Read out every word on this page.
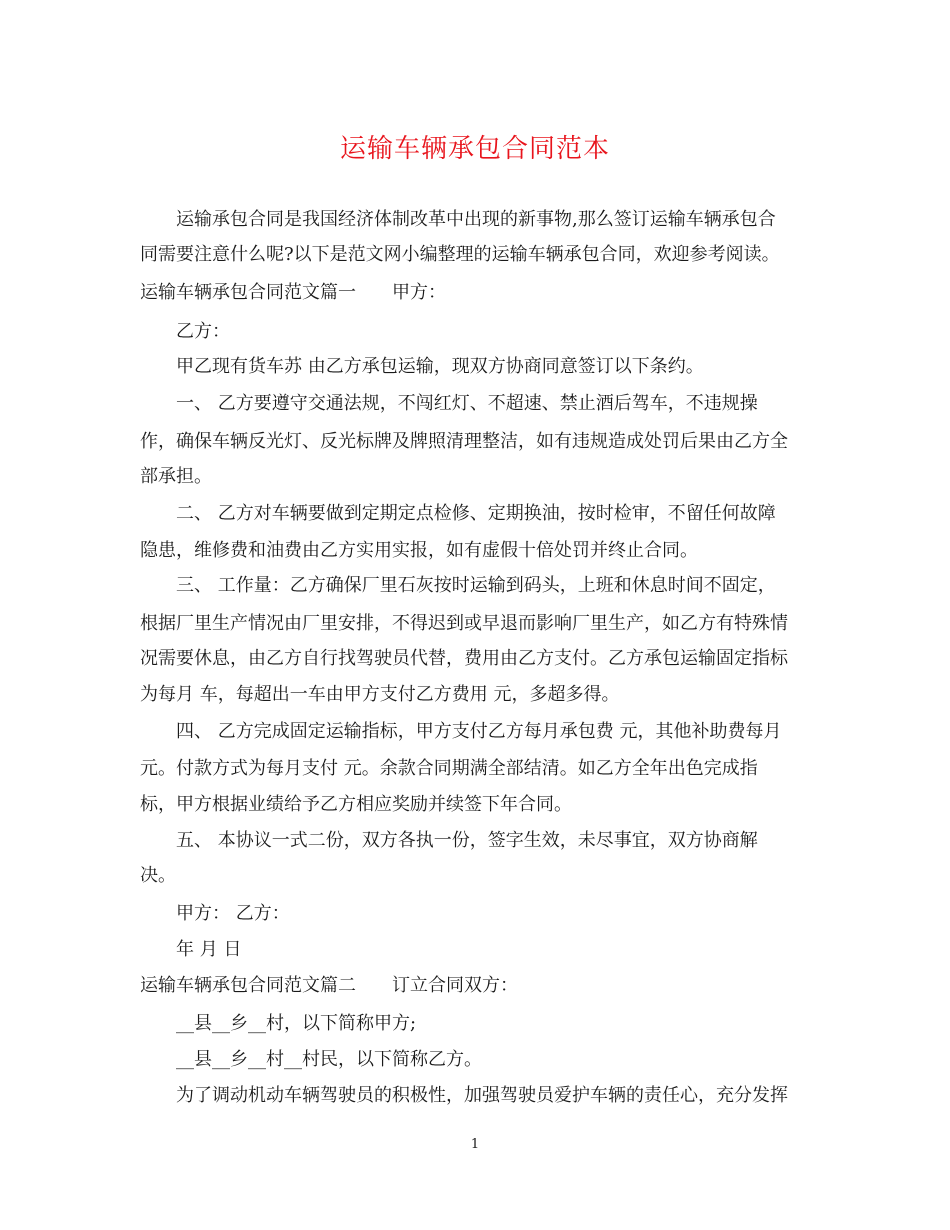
运输车辆承包合同范本
运输承包合同是我国经济体制改革中出现的新事物,那么签订运输车辆承包合
同需要注意什么呢?以下是范文网小编整理的运输车辆承包合同，欢迎参考阅读。
运输车辆承包合同范文篇一 甲方：
乙方：
甲乙现有货车苏 由乙方承包运输，现双方协商同意签订以下条约。
一、 乙方要遵守交通法规，不闯红灯、不超速、禁止酒后驾车，不违规操
作，确保车辆反光灯、反光标牌及牌照清理整洁，如有违规造成处罚后果由乙方全
部承担。
二、 乙方对车辆要做到定期定点检修、定期换油，按时检审，不留任何故障
隐患，维修费和油费由乙方实用实报，如有虚假十倍处罚并终止合同。
三、 工作量：乙方确保厂里石灰按时运输到码头，上班和休息时间不固定，
根据厂里生产情况由厂里安排，不得迟到或早退而影响厂里生产，如乙方有特殊情
况需要休息，由乙方自行找驾驶员代替，费用由乙方支付。乙方承包运输固定指标
为每月 车，每超出一车由甲方支付乙方费用 元，多超多得。
四、 乙方完成固定运输指标，甲方支付乙方每月承包费 元，其他补助费每月
元。付款方式为每月支付 元。余款合同期满全部结清。如乙方全年出色完成指
标，甲方根据业绩给予乙方相应奖励并续签下年合同。
五、 本协议一式二份，双方各执一份，签字生效，未尽事宜，双方协商解
决。
甲方： 乙方：
年 月 日
运输车辆承包合同范文篇二 订立合同双方：
__县__乡__村，以下简称甲方;
__县__乡__村__村民，以下简称乙方。
为了调动机动车辆驾驶员的积极性，加强驾驶员爱护车辆的责任心，充分发挥
1
